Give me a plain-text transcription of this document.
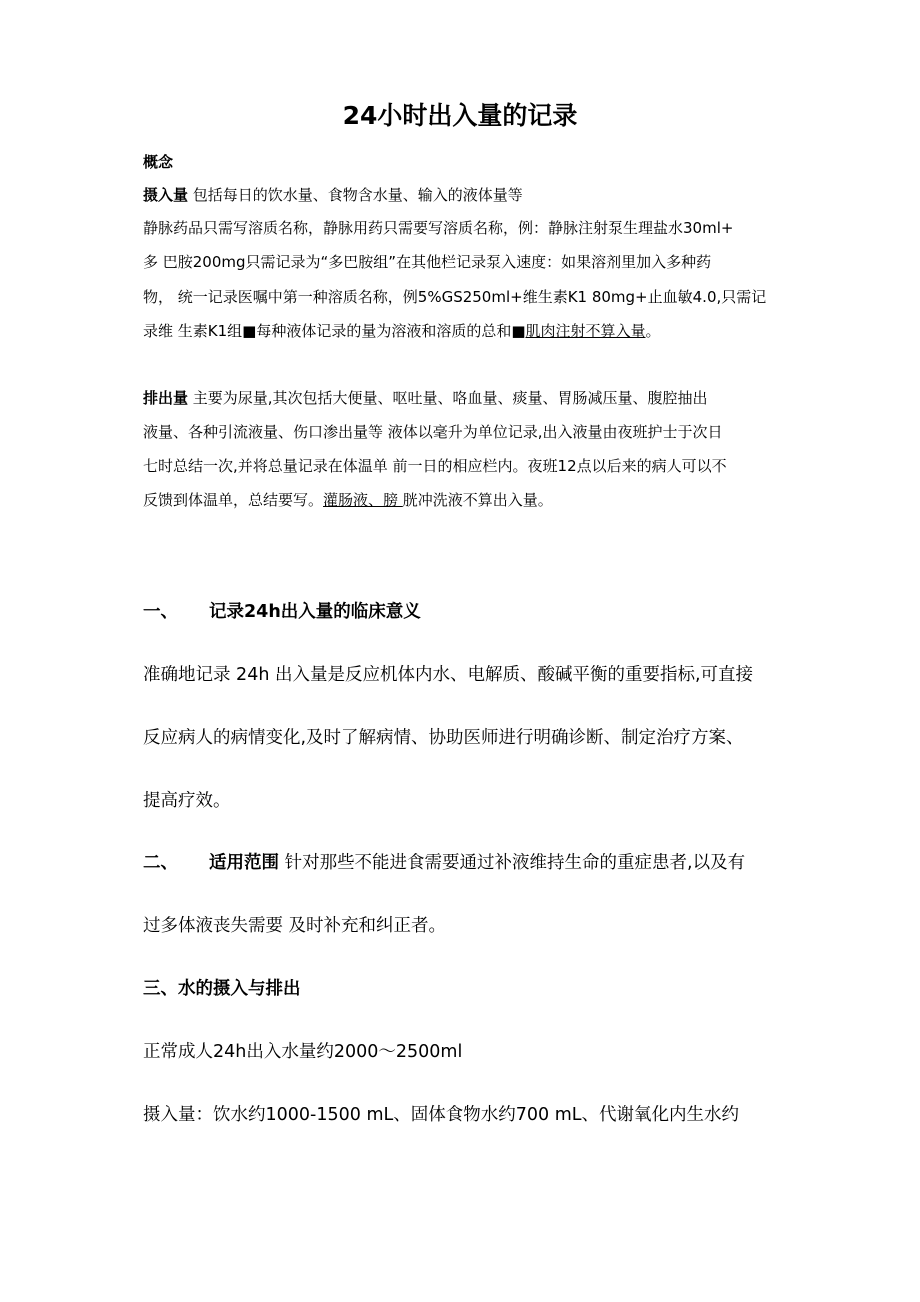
24小时出入量的记录
概念
摄入量 包括每日的饮水量、食物含水量、输入的液体量等
静脉药品只需写溶质名称，静脉用药只需要写溶质名称，例：静脉注射泵生理盐水30ml+
多 巴胺200mg只需记录为“多巴胺组”在其他栏记录泵入速度：如果溶剂里加入多种药
物， 统一记录医嘱中第一种溶质名称，例5%GS250ml+维生素K1 80mg+止血敏4.0,只需记
录维 生素K1组■每种液体记录的量为溶液和溶质的总和■肌肉注射不算入量。
排出量 主要为尿量,其次包括大便量、呕吐量、咯血量、痰量、胃肠减压量、腹腔抽出
液量、各种引流液量、伤口渗出量等 液体以毫升为单位记录,出入液量由夜班护士于次日
七时总结一次,并将总量记录在体温单 前一日的相应栏内。夜班12点以后来的病人可以不
反馈到体温单，总结要写。灌肠液、膀 胱冲洗液不算出入量。
一、 记录24h出入量的临床意义
准确地记录 24h 出入量是反应机体内水、电解质、酸碱平衡的重要指标,可直接
反应病人的病情变化,及时了解病情、协助医师进行明确诊断、制定治疗方案、
提高疗效。
二、 适用范围 针对那些不能进食需要通过补液维持生命的重症患者,以及有
过多体液丧失需要 及时补充和纠正者。
三、水的摄入与排出
正常成人24h出入水量约2000〜2500ml
摄入量：饮水约1000-1500 mL、固体食物水约700 mL、代谢氧化内生水约
